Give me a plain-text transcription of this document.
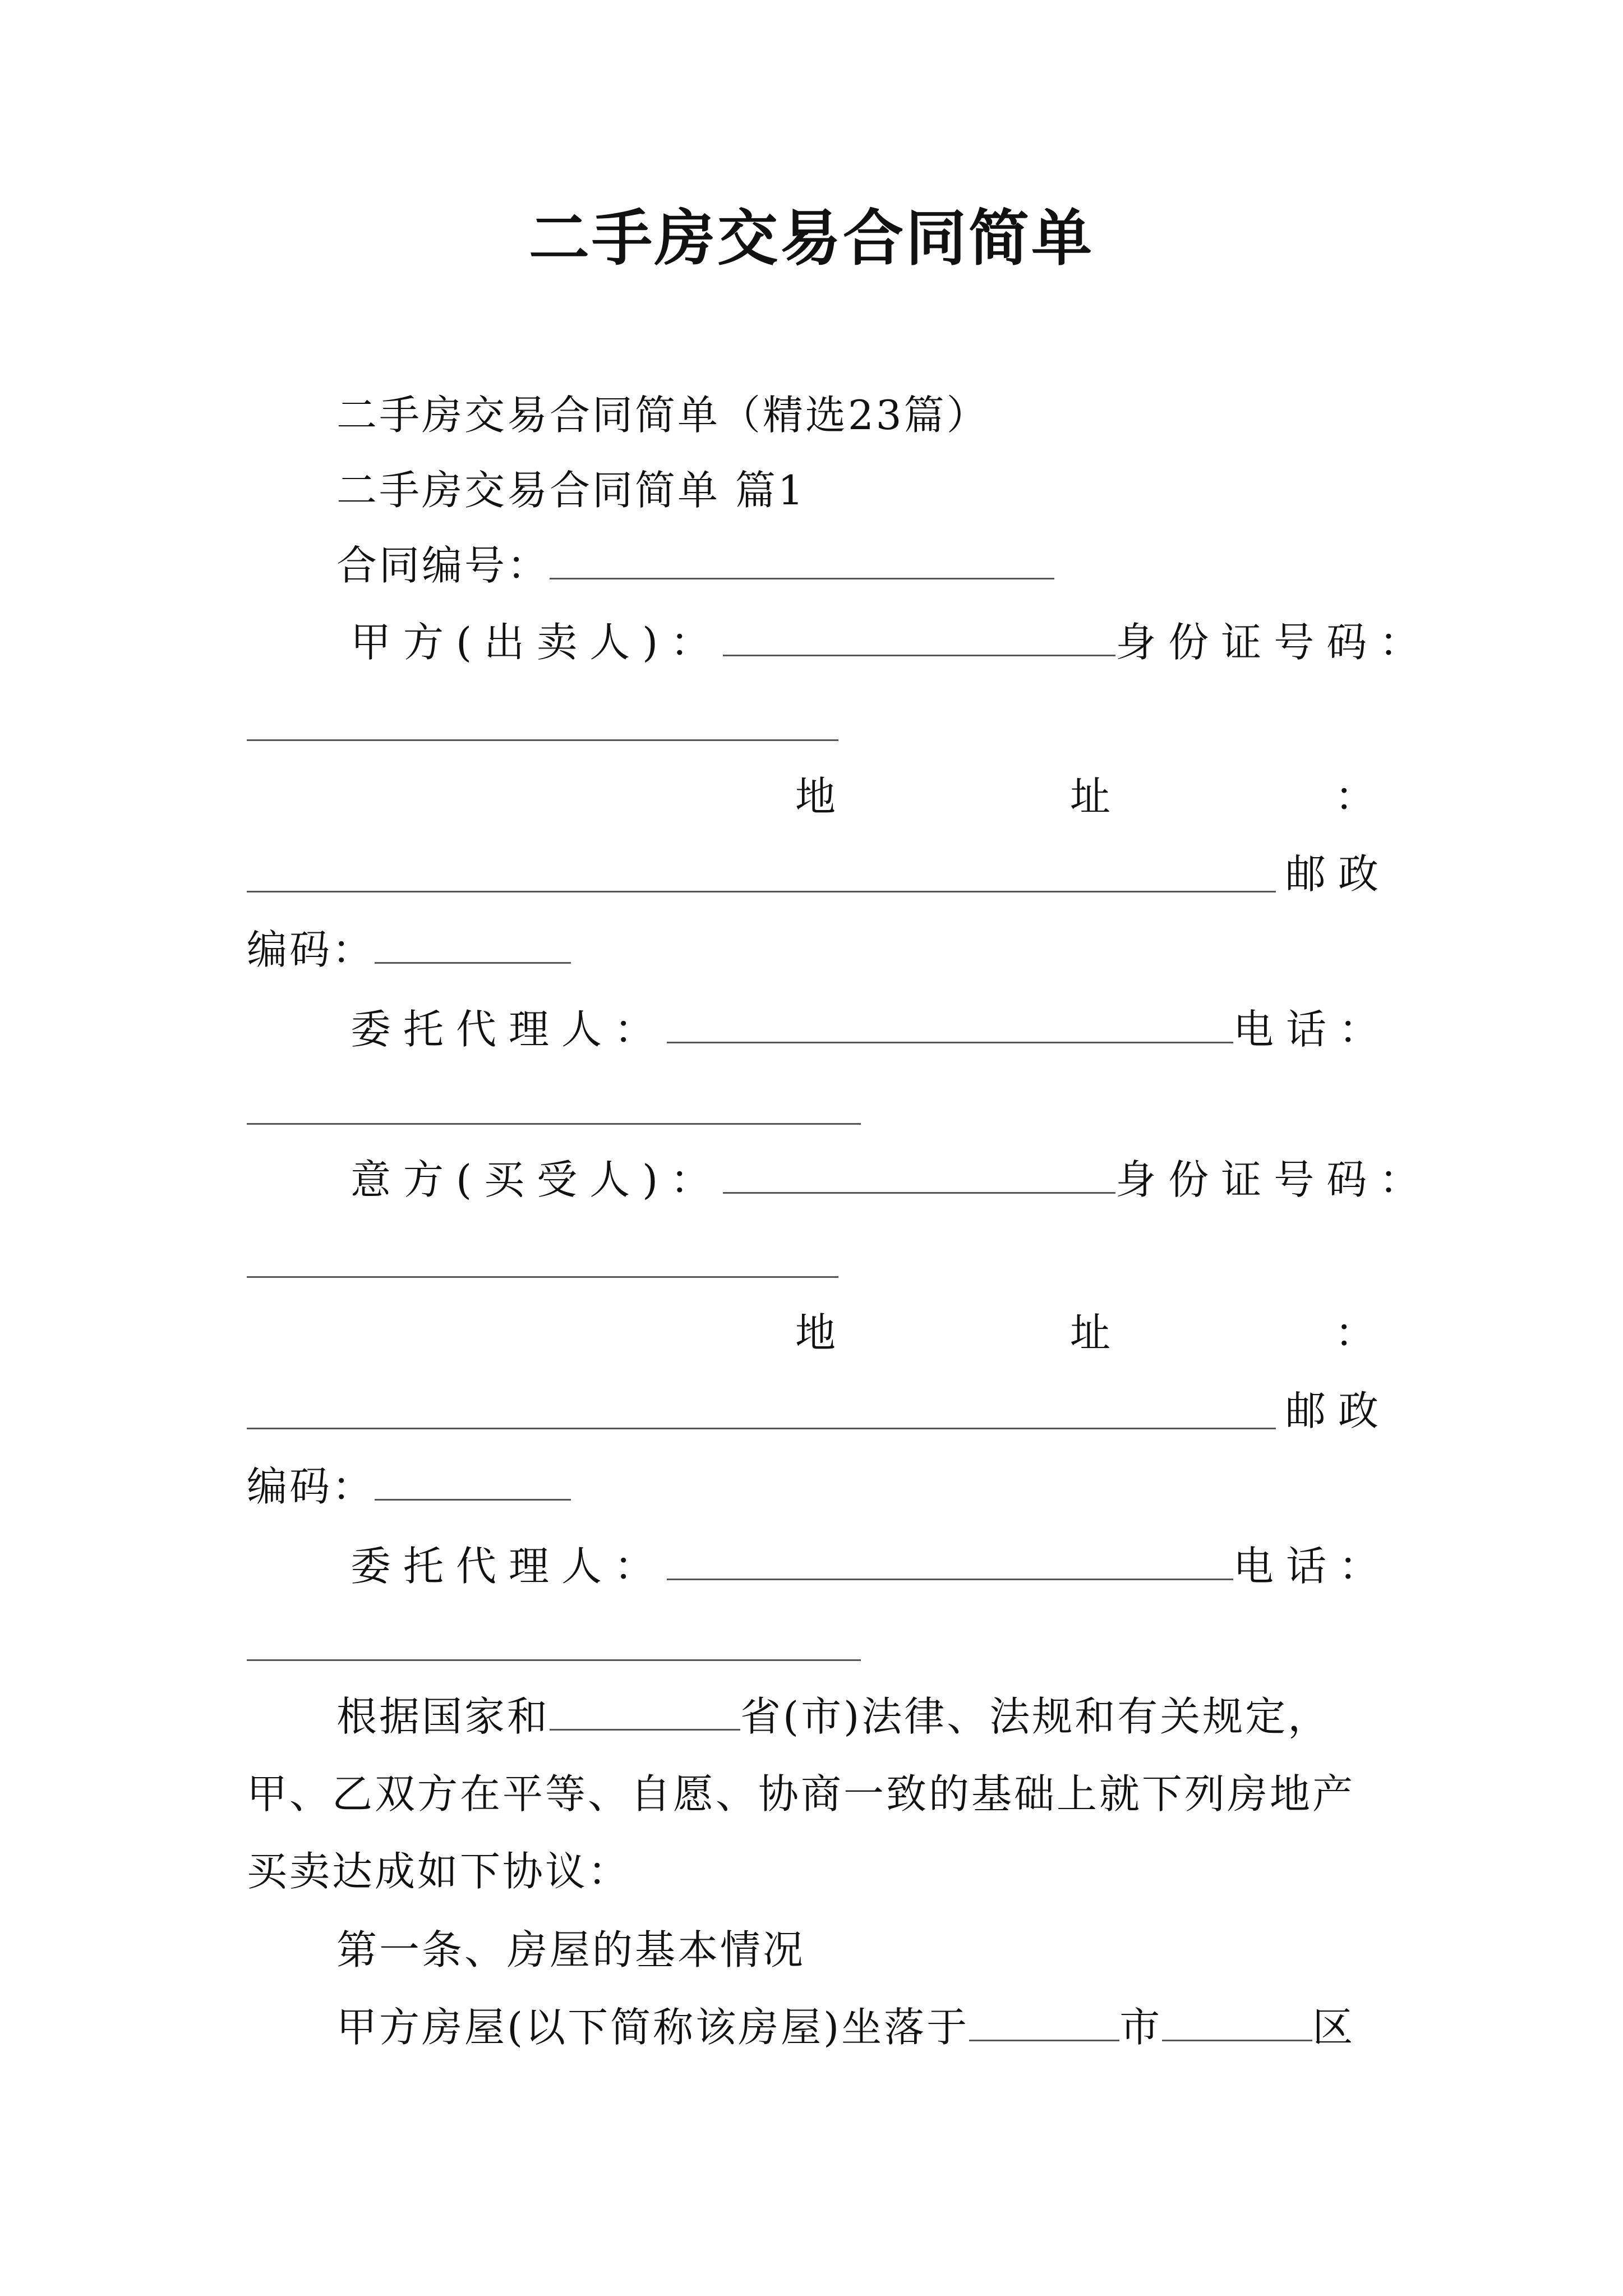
二手房交易合同简单
二手房交易合同简单（精选23篇）
二手房交易合同简单 篇1
合同编号：
甲方(出卖人)：	身份证号码：
地	址	：
邮政
编码：
委托代理人：	电话：
意方(买受人)：	身份证号码：
地	址	：
邮政
编码：
委托代理人：	电话：
根据国家和	省(市)法律、法规和有关规定，
甲、乙双方在平等、自愿、协商一致的基础上就下列房地产
买卖达成如下协议：
第一条、房屋的基本情况
甲方房屋(以下简称该房屋)坐落于	市	区
